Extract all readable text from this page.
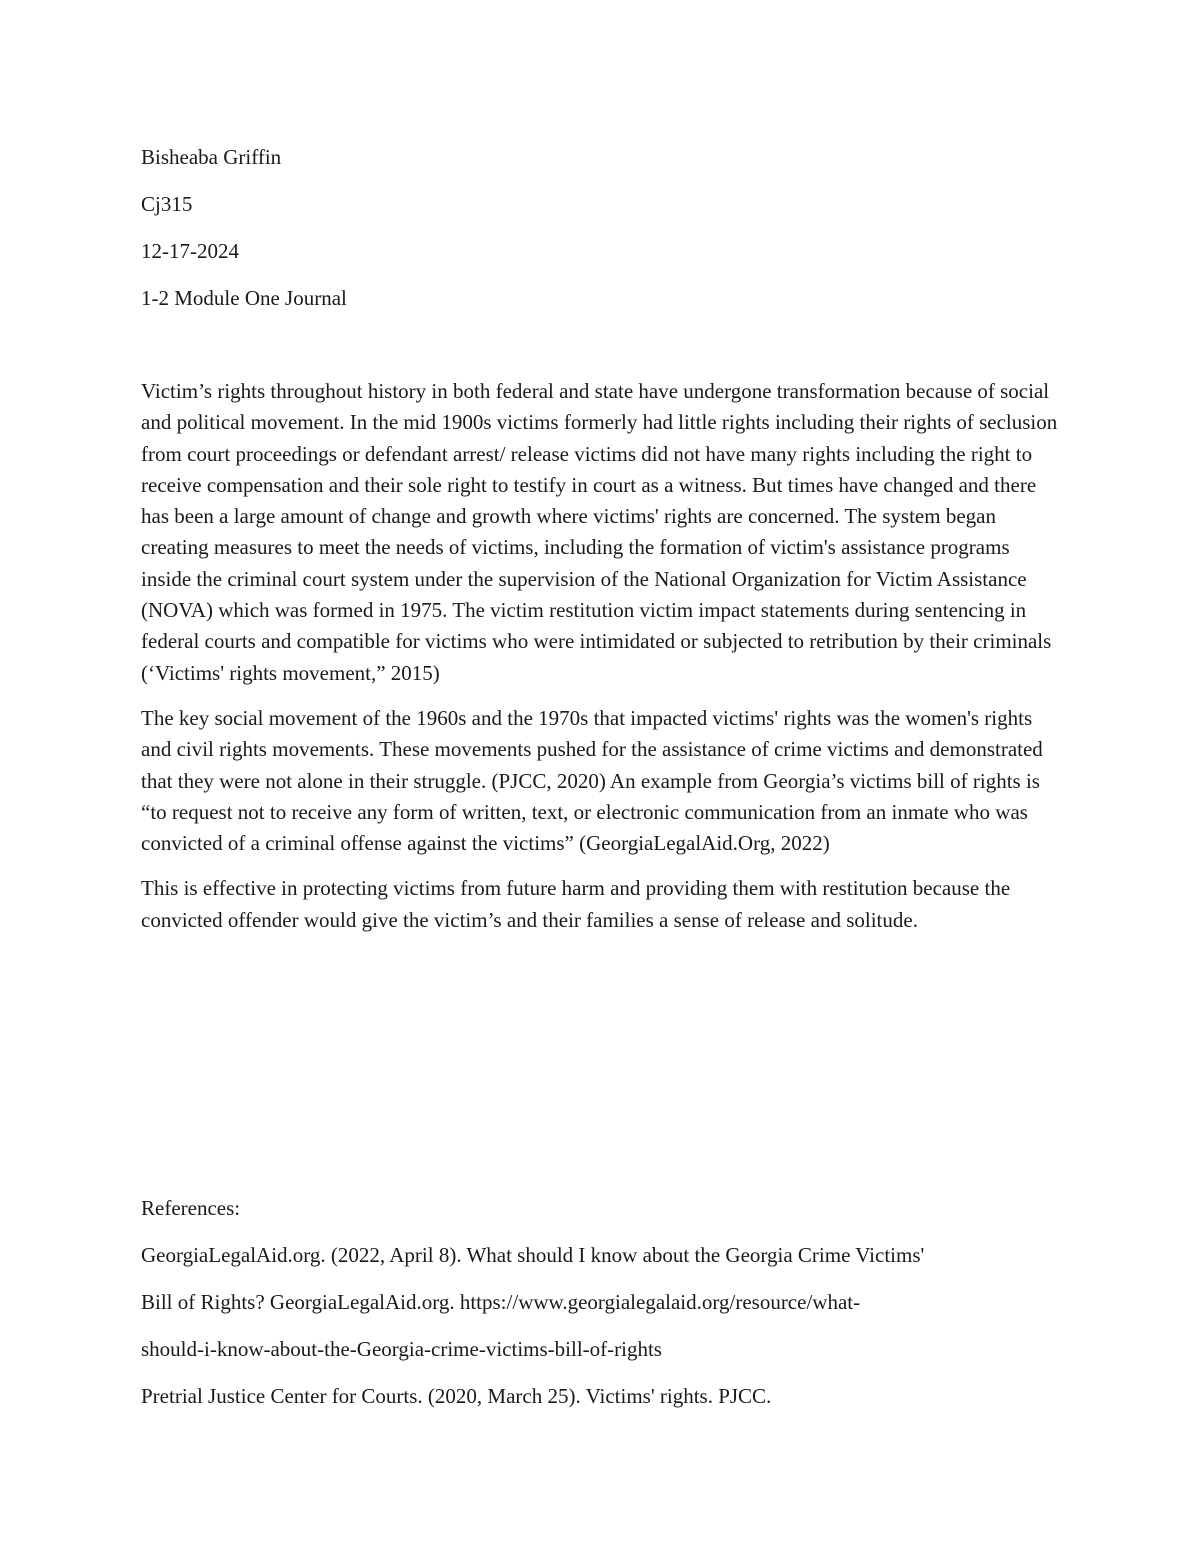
Bisheaba Griffin

Cj315

12-17-2024

1-2 Module One Journal

Victim’s rights throughout history in both federal and state have undergone transformation because of social and political movement. In the mid 1900s victims formerly had little rights including their rights of seclusion from court proceedings or defendant arrest/ release victims did not have many rights including the right to receive compensation and their sole right to testify in court as a witness. But times have changed and there has been a large amount of change and growth where victims' rights are concerned. The system began creating measures to meet the needs of victims, including the formation of victim's assistance programs inside the criminal court system under the supervision of the National Organization for Victim Assistance (NOVA) which was formed in 1975. The victim restitution victim impact statements during sentencing in federal courts and compatible for victims who were intimidated or subjected to retribution by their criminals (‘Victims' rights movement,” 2015)

The key social movement of the 1960s and the 1970s that impacted victims' rights was the women's rights and civil rights movements. These movements pushed for the assistance of crime victims and demonstrated that they were not alone in their struggle. (PJCC, 2020) An example from Georgia’s victims bill of rights is “to request not to receive any form of written, text, or electronic communication from an inmate who was convicted of a criminal offense against the victims” (GeorgiaLegalAid.Org, 2022)

This is effective in protecting victims from future harm and providing them with restitution because the convicted offender would give the victim’s and their families a sense of release and solitude.

References:

GeorgiaLegalAid.org. (2022, April 8). What should I know about the Georgia Crime Victims'

Bill of Rights? GeorgiaLegalAid.org. https://www.georgialegalaid.org/resource/what-

should-i-know-about-the-Georgia-crime-victims-bill-of-rights

Pretrial Justice Center for Courts. (2020, March 25). Victims' rights. PJCC.
